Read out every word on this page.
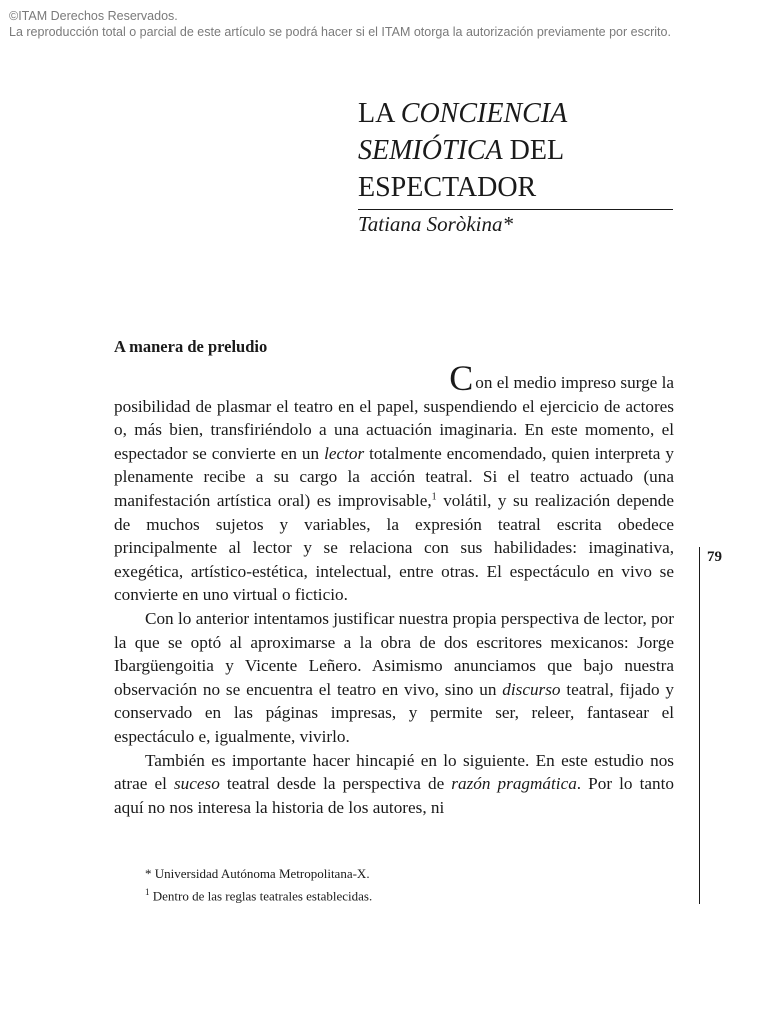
©ITAM Derechos Reservados.
La reproducción total o parcial de este artículo se podrá hacer si el ITAM otorga la autorización previamente por escrito.
LA CONCIENCIA
SEMIÓTICA DEL
ESPECTADOR
Tatiana Soròkina*
A manera de preludio
Con el medio impreso surge la

posibilidad de plasmar el teatro en el papel, suspendiendo el ejercicio de actores o, más bien, transfiriéndolo a una actuación imaginaria. En este momento, el espectador se convierte en un lector totalmente encomendado, quien interpreta y plenamente recibe a su cargo la acción teatral. Si el teatro actuado (una manifestación artística oral) es improvisable,$^1$ volátil, y su realización depende de muchos sujetos y variables, la expresión teatral escrita obedece principalmente al lector y se relaciona con sus habilidades: imaginativa, exegética, artístico-estética, intelectual, entre otras. El espectáculo en vivo se convierte en uno virtual o ficticio.

Con lo anterior intentamos justificar nuestra propia perspectiva de lector, por la que se optó al aproximarse a la obra de dos escritores mexicanos: Jorge Ibargüengoitia y Vicente Leñero. Asimismo anunciamos que bajo nuestra observación no se encuentra el teatro en vivo, sino un discurso teatral, fijado y conservado en las páginas impresas, y permite ser, releer, fantasear el espectáculo e, igualmente, vivirlo.

También es importante hacer hincapié en lo siguiente. En este estudio nos atrae el suceso teatral desde la perspectiva de razón pragmática. Por lo tanto aquí no nos interesa la historia de los autores, ni

* Universidad Autónoma Metropolitana-X.
$^1$ Dentro de las reglas teatrales establecidas.
79
